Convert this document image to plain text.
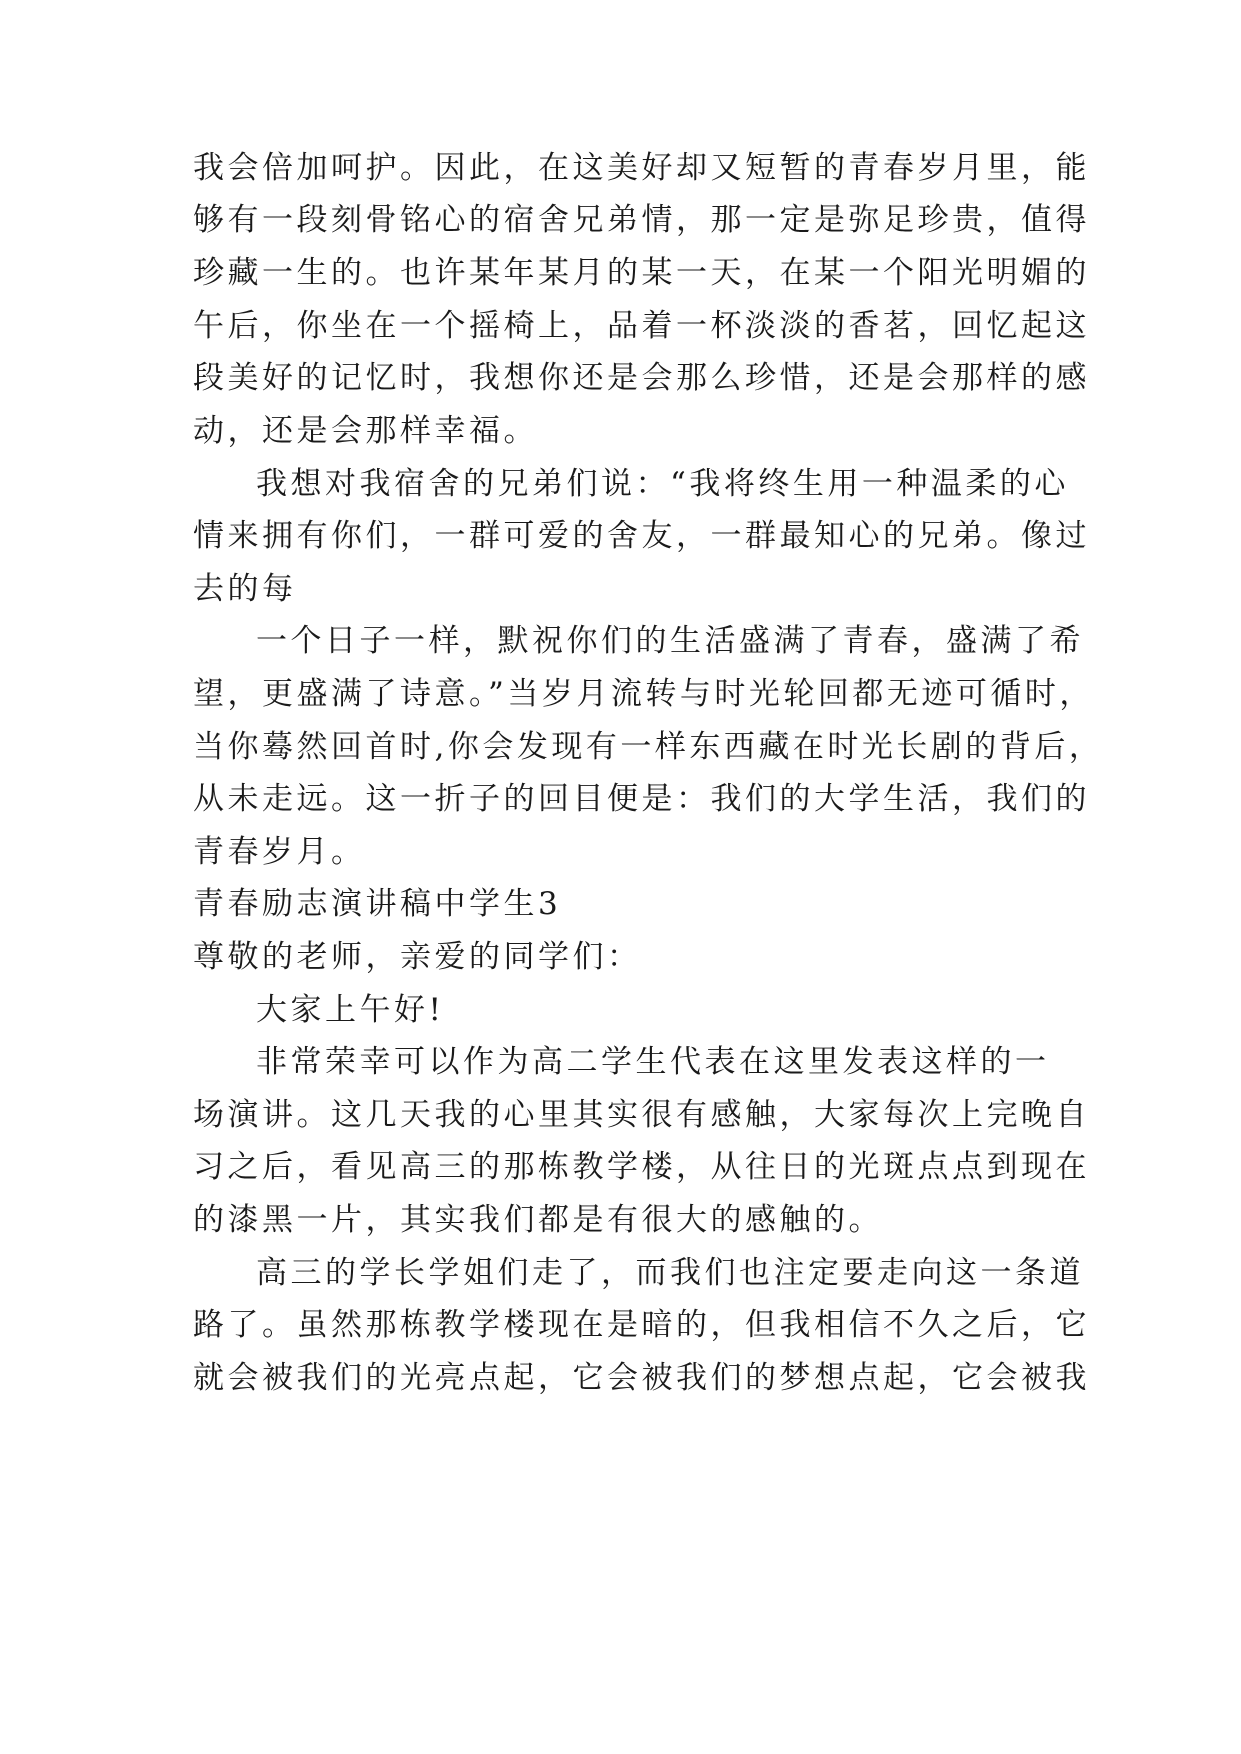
我会倍加呵护。因此，在这美好却又短暂的青春岁月里，能
够有一段刻骨铭心的宿舍兄弟情，那一定是弥足珍贵，值得
珍藏一生的。也许某年某月的某一天，在某一个阳光明媚的
午后，你坐在一个摇椅上，品着一杯淡淡的香茗，回忆起这
段美好的记忆时，我想你还是会那么珍惜，还是会那样的感
动，还是会那样幸福。
我想对我宿舍的兄弟们说：“我将终生用一种温柔的心
情来拥有你们，一群可爱的舍友，一群最知心的兄弟。像过
去的每
一个日子一样，默祝你们的生活盛满了青春，盛满了希
望，更盛满了诗意。”当岁月流转与时光轮回都无迹可循时，
当你蓦然回首时,你会发现有一样东西藏在时光长剧的背后，
从未走远。这一折子的回目便是：我们的大学生活，我们的
青春岁月。
青春励志演讲稿中学生3
尊敬的老师，亲爱的同学们：
大家上午好!
非常荣幸可以作为高二学生代表在这里发表这样的一
场演讲。这几天我的心里其实很有感触，大家每次上完晚自
习之后，看见高三的那栋教学楼，从往日的光斑点点到现在
的漆黑一片，其实我们都是有很大的感触的。
高三的学长学姐们走了，而我们也注定要走向这一条道
路了。虽然那栋教学楼现在是暗的，但我相信不久之后，它
就会被我们的光亮点起，它会被我们的梦想点起，它会被我
